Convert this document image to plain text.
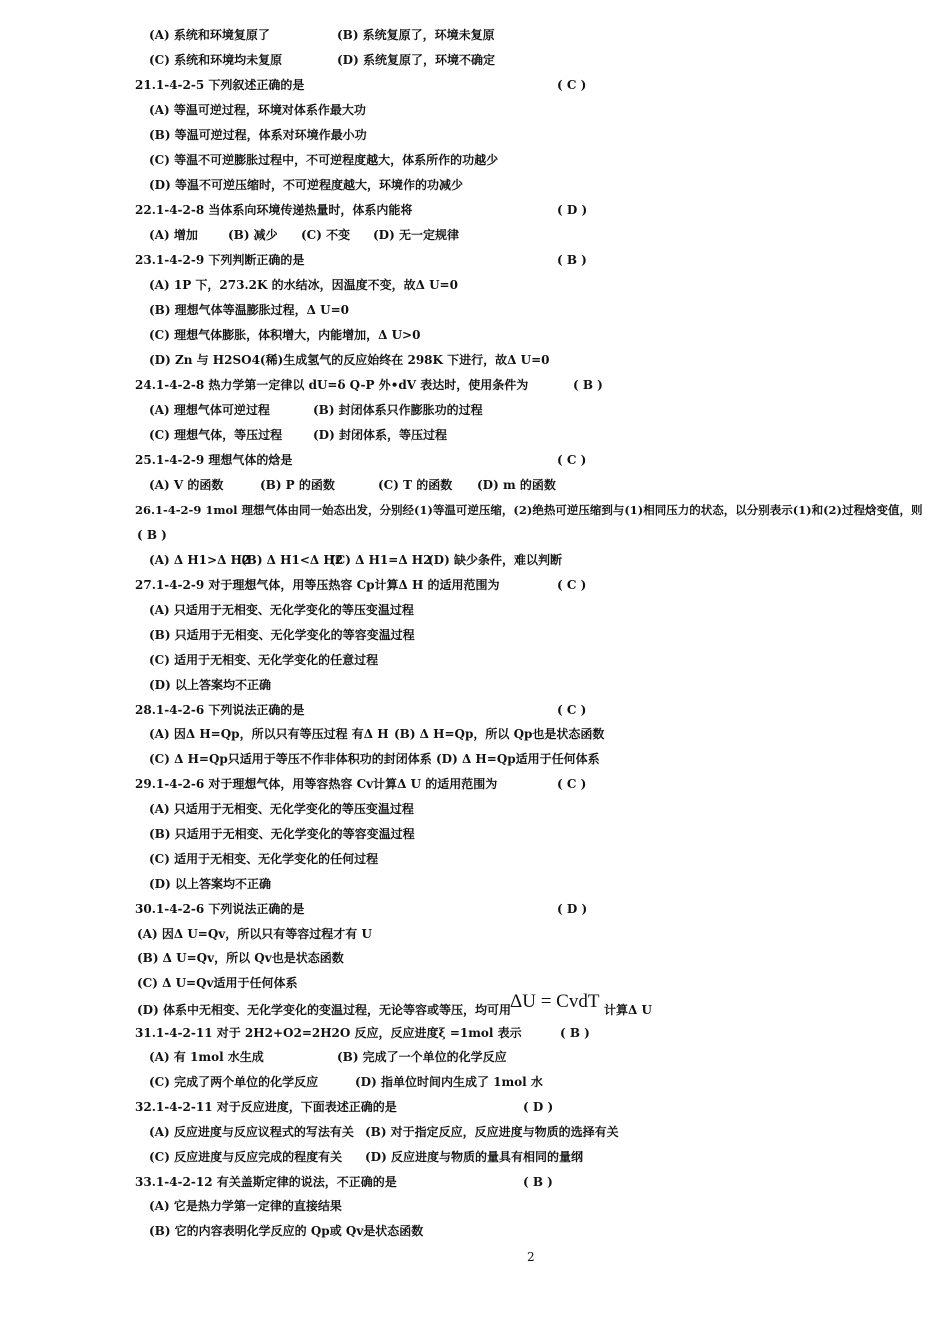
(A) 系统和环境复原了	(B) 系统复原了，环境未复原
(C) 系统和环境均未复原	(D) 系统复原了，环境不确定
21.1-4-2-5 下列叙述正确的是	( C )
(A) 等温可逆过程，环境对体系作最大功
(B) 等温可逆过程，体系对环境作最小功
(C) 等温不可逆膨胀过程中，不可逆程度越大，体系所作的功越少
(D) 等温不可逆压缩时，不可逆程度越大，环境作的功减少
22.1-4-2-8 当体系向环境传递热量时，体系内能将	( D )
(A) 增加	(B) 减少 (C) 不变 (D) 无一定规律
23.1-4-2-9 下列判断正确的是	( B )
(A) 1P 下，273.2K 的水结冰，因温度不变，故Δ U=0
(B) 理想气体等温膨胀过程，Δ U=0
(C) 理想气体膨胀，体积增大，内能增加，Δ U>0
(D) Zn 与 H2SO4(稀)生成氢气的反应始终在 298K 下进行，故Δ U=0
24.1-4-2-8 热力学第一定律以 dU=δ Q-P 外•dV 表达时，使用条件为	( B )
(A) 理想气体可逆过程	(B) 封闭体系只作膨胀功的过程
(C) 理想气体，等压过程	(D) 封闭体系，等压过程
25.1-4-2-9 理想气体的焓是	( C )
(A) V 的函数	(B) P 的函数	(C) T 的函数 (D) m 的函数
26.1-4-2-9 1mol 理想气体由同一始态出发，分别经(1)等温可逆压缩，(2)绝热可逆压缩到与(1)相同压力的状态，以分别表示(1)和(2)过程焓变值，则
( B )
(A) Δ H1>Δ H2
(B) Δ H1<Δ H2
(C) Δ H1=Δ H2
(D) 缺少条件，难以判断
27.1-4-2-9 对于理想气体，用等压热容 Cp计算Δ H 的适用范围为	( C )
(A) 只适用于无相变、无化学变化的等压变温过程
(B) 只适用于无相变、无化学变化的等容变温过程
(C) 适用于无相变、无化学变化的任意过程
(D) 以上答案均不正确
28.1-4-2-6 下列说法正确的是	( C )
(A) 因Δ H=Qp，所以只有等压过程 有Δ H (B) Δ H=Qp，所以 Qp也是状态函数
(C) Δ H=Qp只适用于等压不作非体积功的封闭体系 (D) Δ H=Qp适用于任何体系
29.1-4-2-6 对于理想气体，用等容热容 Cv计算Δ U 的适用范围为	( C )
(A) 只适用于无相变、无化学变化的等压变温过程
(B) 只适用于无相变、无化学变化的等容变温过程
(C) 适用于无相变、无化学变化的任何过程
(D) 以上答案均不正确
30.1-4-2-6 下列说法正确的是	( D )
(A) 因Δ U=Qv，所以只有等容过程才有 U
(B) Δ U=Qv，所以 Qv也是状态函数
(C) Δ U=Qv适用于任何体系
(D) 体系中无相变、无化学变化的变温过程，无论等容或等压，均可用 ΔU = CvdT 计算Δ U
31.1-4-2-11 对于 2H2+O2=2H2O 反应，反应进度ξ =1mol 表示	( B )
(A) 有 1mol 水生成	(B) 完成了一个单位的化学反应
(C) 完成了两个单位的化学反应	(D) 指单位时间内生成了 1mol 水
32.1-4-2-11 对于反应进度，下面表述正确的是	( D )
(A) 反应进度与反应议程式的写法有关 (B) 对于指定反应，反应进度与物质的选择有关
(C) 反应进度与反应完成的程度有关 (D) 反应进度与物质的量具有相同的量纲
33.1-4-2-12 有关盖斯定律的说法，不正确的是	( B )
(A) 它是热力学第一定律的直接结果
(B) 它的内容表明化学反应的 Qp或 Qv是状态函数
2
